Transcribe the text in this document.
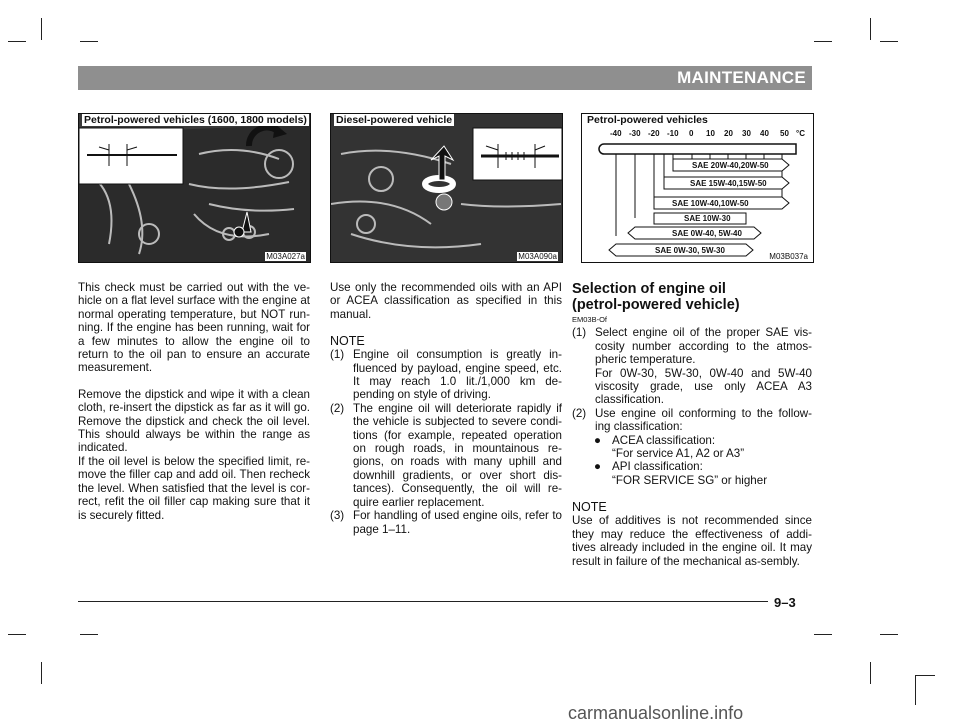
MAINTENANCE
Petrol-powered vehicles (1600, 1800 models)
M03A027a
Diesel-powered vehicle
M03A090a
Petrol-powered vehicles
-40 -30 -20 -10 0 10 20 30 40 50 °C
SAE 20W-40,20W-50
SAE 15W-40,15W-50
SAE 10W-40,10W-50
SAE 10W-30
SAE 0W-40, 5W-40
SAE 0W-30, 5W-30
M03B037a

This check must be carried out with the ve-hicle on a flat level surface with the engine at normal operating temperature, but NOT run-ning. If the engine has been running, wait for a few minutes to allow the engine oil to return to the oil pan to ensure an accurate measurement.

Remove the dipstick and wipe it with a clean cloth, re-insert the dipstick as far as it will go. Remove the dipstick and check the oil level. This should always be within the range as indicated.

If the oil level is below the specified limit, re-move the filler cap and add oil. Then recheck the level. When satisfied that the level is cor-rect, refit the oil filler cap making sure that it is securely fitted.

Use only the recommended oils with an API or ACEA classification as specified in this manual.

NOTE

(1) Engine oil consumption is greatly in-fluenced by payload, engine speed, etc. It may reach 1.0 lit./1,000 km de-pending on style of driving.
(2) The engine oil will deteriorate rapidly if the vehicle is subjected to severe condi-tions (for example, repeated operation on rough roads, in mountainous re-gions, on roads with many uphill and downhill gradients, or over short dis-tances). Consequently, the oil will re-quire earlier replacement.
(3) For handling of used engine oils, refer to page 1–11.

Selection of engine oil

(petrol-powered vehicle)

EM03B-Of

(1) Select engine oil of the proper SAE vis-cosity number according to the atmos-pheric temperature.
For 0W-30, 5W-30, 0W-40 and 5W-40 viscosity grade, use only ACEA A3 classification.
(2) Use engine oil conforming to the follow-ing classification:
● ACEA classification:
“For service A1, A2 or A3”
● API classification:
“FOR SERVICE SG” or higher

NOTE

Use of additives is not recommended since they may reduce the effectiveness of addi-tives already included in the engine oil. It may result in failure of the mechanical as-sembly.

9–3
carmanualsonline.info
